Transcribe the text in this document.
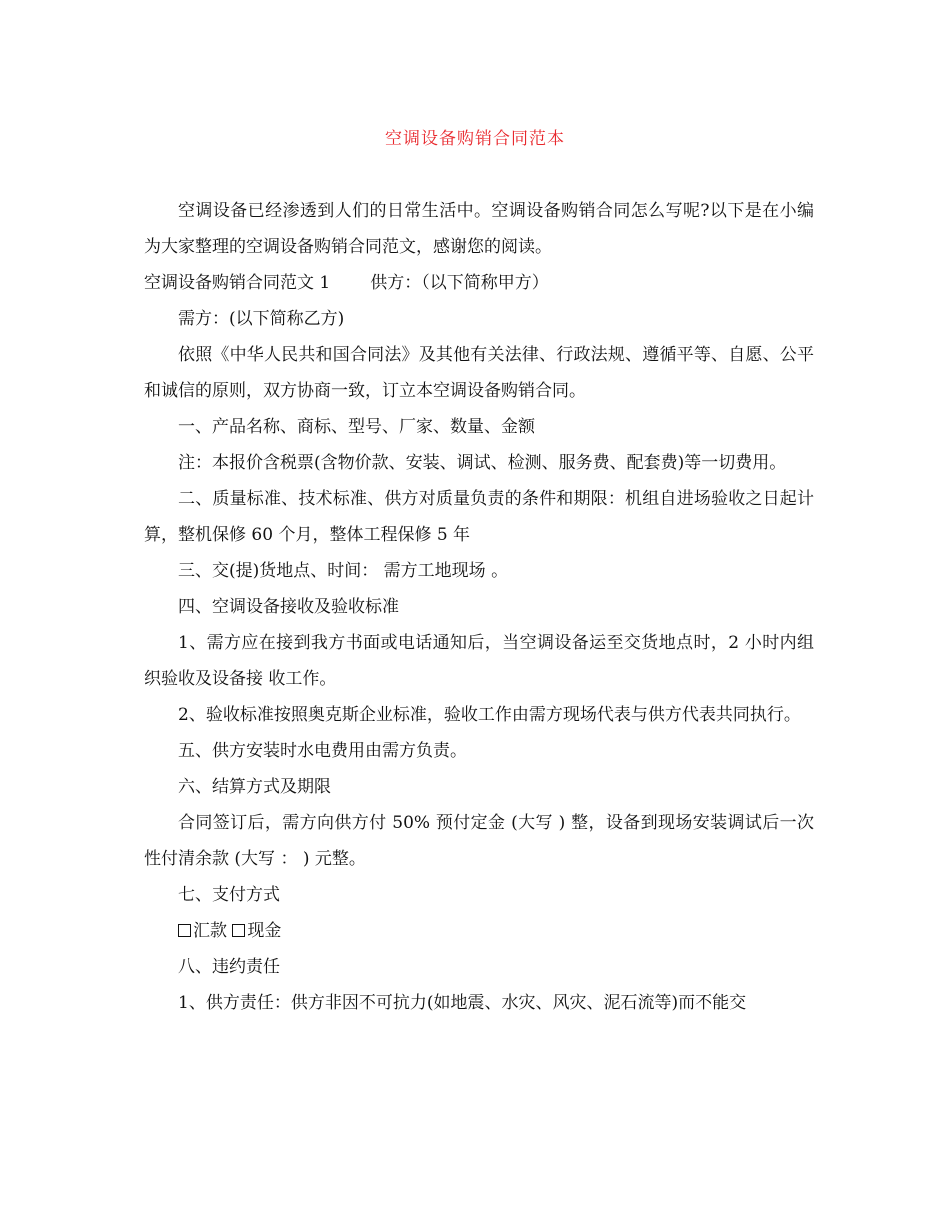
空调设备购销合同范本

空调设备已经渗透到人们的日常生活中。空调设备购销合同怎么写呢?以下是在小编为大家整理的空调设备购销合同范文，感谢您的阅读。

空调设备购销合同范文 1 供方：（以下简称甲方）

需方：(以下简称乙方)

依照《中华人民共和国合同法》及其他有关法律、行政法规、遵循平等、自愿、公平和诚信的原则，双方协商一致，订立本空调设备购销合同。

一、产品名称、商标、型号、厂家、数量、金额

注：本报价含税票(含物价款、安装、调试、检测、服务费、配套费)等一切费用。

二、质量标准、技术标准、供方对质量负责的条件和期限：机组自进场验收之日起计算，整机保修 60 个月，整体工程保修 5 年

三、交(提)货地点、时间： 需方工地现场 。

四、空调设备接收及验收标准

1、需方应在接到我方书面或电话通知后，当空调设备运至交货地点时，2 小时内组织验收及设备接 收工作。

2、验收标准按照奥克斯企业标准，验收工作由需方现场代表与供方代表共同执行。

五、供方安装时水电费用由需方负责。

六、结算方式及期限

合同签订后，需方向供方付 50% 预付定金 (大写 ) 整，设备到现场安装调试后一次性付清余款 (大写 ： ) 元整。

七、支付方式

汇款 现金

八、违约责任

1、供方责任：供方非因不可抗力(如地震、水灾、风灾、泥石流等)而不能交
